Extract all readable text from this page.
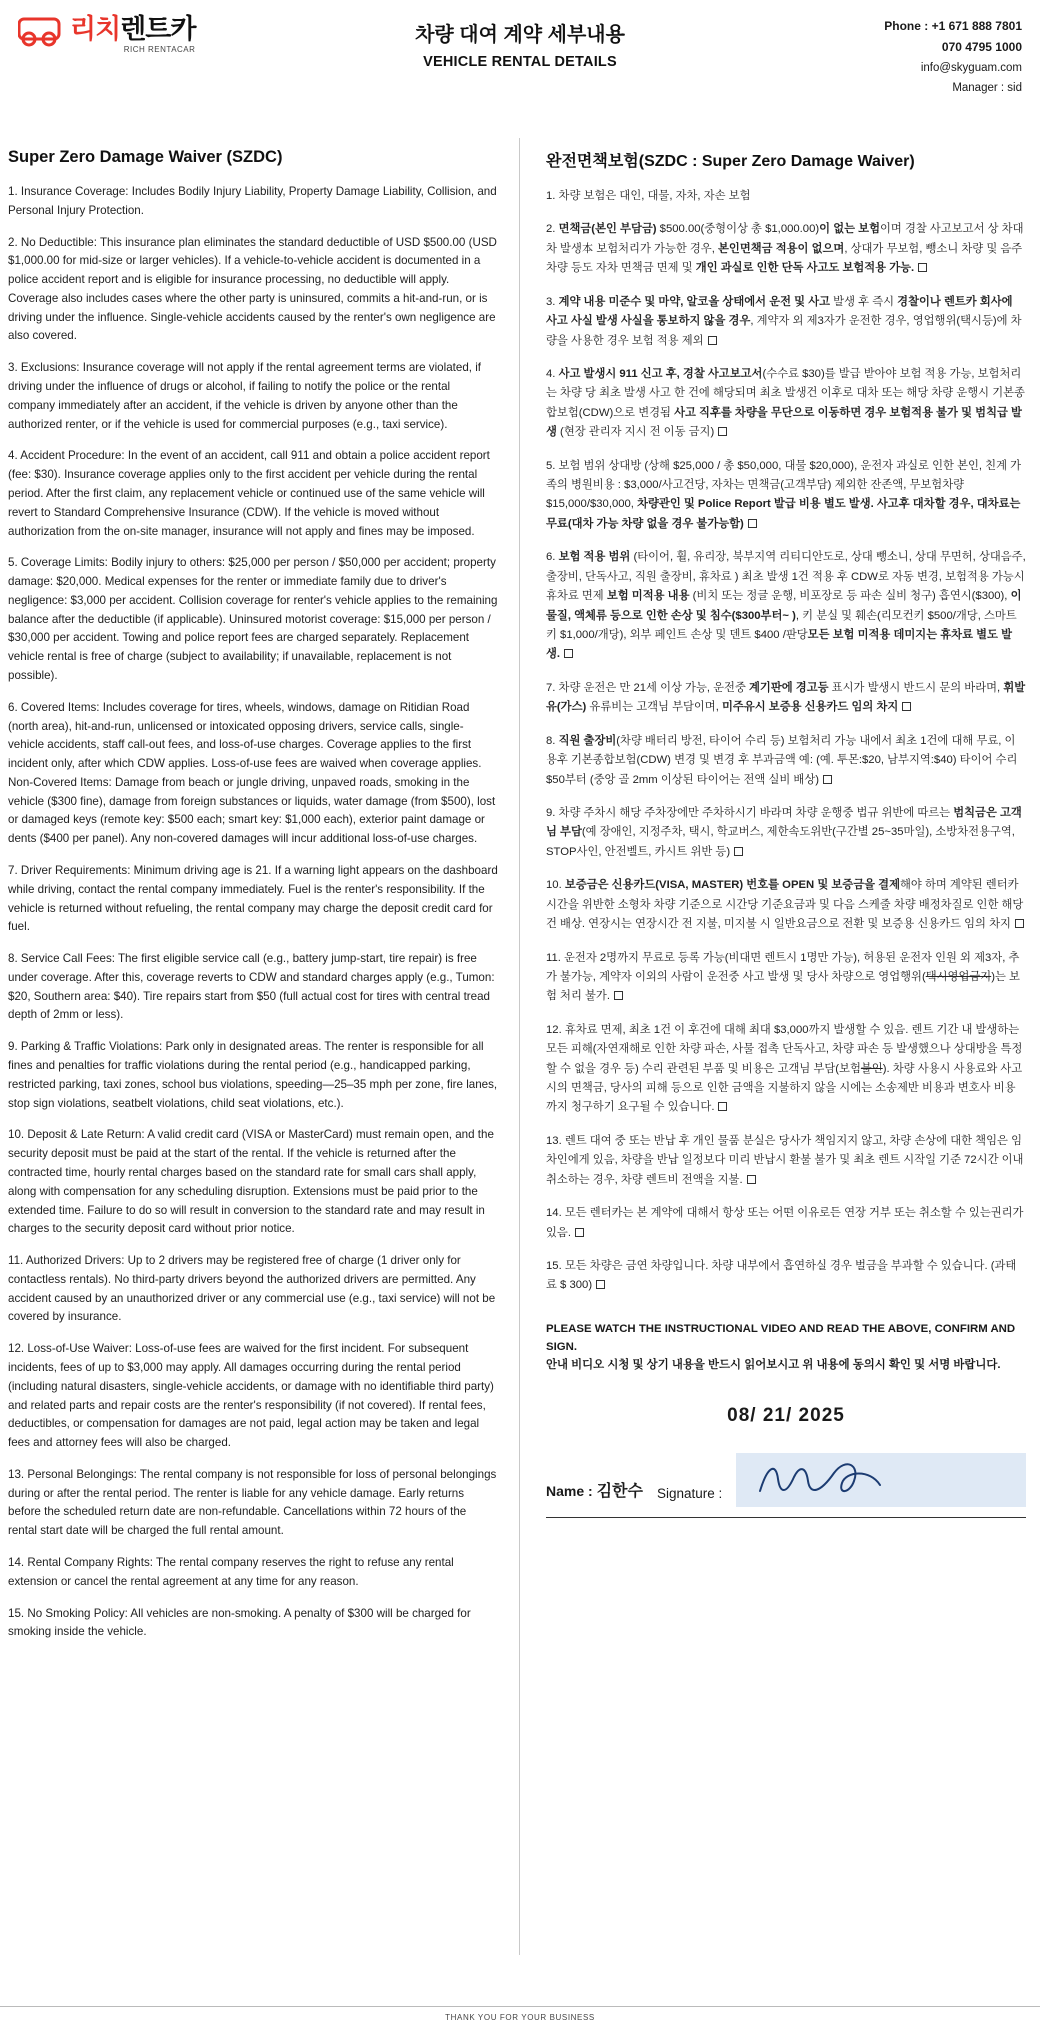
리치렌트카
RICH RENTACAR
차량 대여 계약 세부내용
VEHICLE RENTAL DETAILS
Phone : +1 671 888 7801
070 4795 1000
info@skyguam.com
Manager : sid
Super Zero Damage Waiver (SZDC)

1. Insurance Coverage: Includes Bodily Injury Liability, Property Damage Liability, Collision, and Personal Injury Protection.

2. No Deductible: This insurance plan eliminates the standard deductible of USD $500.00 (USD $1,000.00 for mid-size or larger vehicles). If a vehicle-to-vehicle accident is documented in a police accident report and is eligible for insurance processing, no deductible will apply. Coverage also includes cases where the other party is uninsured, commits a hit-and-run, or is driving under the influence. Single-vehicle accidents caused by the renter's own negligence are also covered.

3. Exclusions: Insurance coverage will not apply if the rental agreement terms are violated, if driving under the influence of drugs or alcohol, if failing to notify the police or the rental company immediately after an accident, if the vehicle is driven by anyone other than the authorized renter, or if the vehicle is used for commercial purposes (e.g., taxi service).

4. Accident Procedure: In the event of an accident, call 911 and obtain a police accident report (fee: $30). Insurance coverage applies only to the first accident per vehicle during the rental period. After the first claim, any replacement vehicle or continued use of the same vehicle will revert to Standard Comprehensive Insurance (CDW). If the vehicle is moved without authorization from the on-site manager, insurance will not apply and fines may be imposed.

5. Coverage Limits: Bodily injury to others: $25,000 per person / $50,000 per accident; property damage: $20,000. Medical expenses for the renter or immediate family due to driver's negligence: $3,000 per accident. Collision coverage for renter's vehicle applies to the remaining balance after the deductible (if applicable). Uninsured motorist coverage: $15,000 per person / $30,000 per accident. Towing and police report fees are charged separately. Replacement vehicle rental is free of charge (subject to availability; if unavailable, replacement is not possible).

6. Covered Items: Includes coverage for tires, wheels, windows, damage on Ritidian Road (north area), hit-and-run, unlicensed or intoxicated opposing drivers, service calls, single-vehicle accidents, staff call-out fees, and loss-of-use charges. Coverage applies to the first incident only, after which CDW applies. Loss-of-use fees are waived when coverage applies. Non-Covered Items: Damage from beach or jungle driving, unpaved roads, smoking in the vehicle ($300 fine), damage from foreign substances or liquids, water damage (from $500), lost or damaged keys (remote key: $500 each; smart key: $1,000 each), exterior paint damage or dents ($400 per panel). Any non-covered damages will incur additional loss-of-use charges.

7. Driver Requirements: Minimum driving age is 21. If a warning light appears on the dashboard while driving, contact the rental company immediately. Fuel is the renter's responsibility. If the vehicle is returned without refueling, the rental company may charge the deposit credit card for fuel.

8. Service Call Fees: The first eligible service call (e.g., battery jump-start, tire repair) is free under coverage. After this, coverage reverts to CDW and standard charges apply (e.g., Tumon: $20, Southern area: $40). Tire repairs start from $50 (full actual cost for tires with central tread depth of 2mm or less).

9. Parking & Traffic Violations: Park only in designated areas. The renter is responsible for all fines and penalties for traffic violations during the rental period (e.g., handicapped parking, restricted parking, taxi zones, school bus violations, speeding—25–35 mph per zone, fire lanes, stop sign violations, seatbelt violations, child seat violations, etc.).

10. Deposit & Late Return: A valid credit card (VISA or MasterCard) must remain open, and the security deposit must be paid at the start of the rental. If the vehicle is returned after the contracted time, hourly rental charges based on the standard rate for small cars shall apply, along with compensation for any scheduling disruption. Extensions must be paid prior to the extended time. Failure to do so will result in conversion to the standard rate and may result in charges to the security deposit card without prior notice.

11. Authorized Drivers: Up to 2 drivers may be registered free of charge (1 driver only for contactless rentals). No third-party drivers beyond the authorized drivers are permitted. Any accident caused by an unauthorized driver or any commercial use (e.g., taxi service) will not be covered by insurance.

12. Loss-of-Use Waiver: Loss-of-use fees are waived for the first incident. For subsequent incidents, fees of up to $3,000 may apply. All damages occurring during the rental period (including natural disasters, single-vehicle accidents, or damage with no identifiable third party) and related parts and repair costs are the renter's responsibility (if not covered). If rental fees, deductibles, or compensation for damages are not paid, legal action may be taken and legal fees and attorney fees will also be charged.

13. Personal Belongings: The rental company is not responsible for loss of personal belongings during or after the rental period. The renter is liable for any vehicle damage. Early returns before the scheduled return date are non-refundable. Cancellations within 72 hours of the rental start date will be charged the full rental amount.

14. Rental Company Rights: The rental company reserves the right to refuse any rental extension or cancel the rental agreement at any time for any reason.

15. No Smoking Policy: All vehicles are non-smoking. A penalty of $300 will be charged for smoking inside the vehicle.

완전면책보험(SZDC : Super Zero Damage Waiver)

1. 차량 보험은 대인, 대물, 자차, 자손 보험

2. 면책금(본인 부담금) $500.00(중형이상 총 $1,000.00)이 없는 보험이며 경찰 사고보고서 상 차대차 발생本 보험처리가 가능한 경우, 본인면책금 적용이 없으며, 상대가 무보험, 뺑소니 차량 및 음주차량 등도 자차 면책금 면제 및 개인 과실로 인한 단독 사고도 보험적용 가능.

3. 계약 내용 미준수 및 마약, 알코올 상태에서 운전 및 사고 발생 후 즉시 경찰이나 렌트카 회사에 사고 사실 발생 사실을 통보하지 않을 경우, 계약자 외 제3자가 운전한 경우, 영업행위(택시등)에 차량을 사용한 경우 보험 적용 제외

4. 사고 발생시 911 신고 후, 경찰 사고보고서(수수료 $30)를 발급 받아야 보험 적용 가능, 보험처리는 차량 당 최초 발생 사고 한 건에 해당되며 최초 발생건 이후로 대차 또는 해당 차량 운행시 기본종합보험(CDW)으로 변경됨 사고 직후를 차량을 무단으로 이동하면 경우 보험적용 불가 및 범칙급 발생 (현장 관리자 지시 전 이동 금지)

5. 보험 범위 상대방 (상해 $25,000 / 총 $50,000, 대물 $20,000), 운전자 과실로 인한 본인, 친계 가족의 병원비용 : $3,000/사고건당, 자차는 면책금(고객부담) 제외한 잔존액, 무보험차량 $15,000/$30,000, 차량관인 및 Police Report 발급 비용 별도 발생. 사고후 대차할 경우, 대차료는 무료(대차 가능 차량 없을 경우 불가능함)

6. 보험 적용 범위 (타이어, 휠, 유리장, 북부지역 리티디안도로, 상대 뺑소니, 상대 무면허, 상대음주, 출장비, 단독사고, 직원 출장비, 휴차료 ) 최초 발생 1건 적용 후 CDW로 자동 변경, 보험적용 가능시 휴차료 면제 보험 미적용 내용 (비치 또는 정글 운행, 비포장로 등 파손 실비 청구) 흡연시($300), 이물질, 액체류 등으로 인한 손상 및 침수($300부터~ ), 키 분실 및 훼손(리모컨키 $500/개당, 스마트키 $1,000/개당), 외부 페인트 손상 및 덴트 $400 /판당모든 보험 미적용 데미지는 휴차료 별도 발생.

7. 차량 운전은 만 21세 이상 가능, 운전중 계기판에 경고등 표시가 발생시 반드시 문의 바라며, 휘발유(가스) 유류비는 고객님 부담이며, 미주유시 보증용 신용카드 임의 차지

8. 직원 출장비(차량 배터리 방전, 타이어 수리 등) 보험처리 가능 내에서 최초 1건에 대해 무료, 이용후 기본종합보험(CDW) 변경 및 변경 후 부과금액 예: (예. 투몬:$20, 남부지역:$40) 타이어 수리 $50부터 (중앙 골 2mm 이상된 타이어는 전액 실비 배상)

9. 차량 주차시 해당 주차장에만 주차하시기 바라며 차량 운행중 법규 위반에 따르는 범칙금은 고객님 부담(예 장애인, 지정주차, 택시, 학교버스, 제한속도위반(구간별 25~35마일), 소방차전용구역, STOP사인, 안전벨트, 카시트 위반 등)

10. 보증금은 신용카드(VISA, MASTER) 번호를 OPEN 및 보증금을 결제해야 하며 계약된 렌터카 시간을 위반한 소형차 차량 기준으로 시간당 기준요금과 및 다음 스케줄 차량 배정차질로 인한 해당건 배상. 연장시는 연장시간 전 지불, 미지불 시 일반요금으로 전환 및 보증용 신용카드 임의 차지

11. 운전자 2명까지 무료로 등록 가능(비대면 렌트시 1명만 가능), 허용된 운전자 인원 외 제3자, 추가 불가능, 계약자 이외의 사람이 운전중 사고 발생 및 당사 차량으로 영업행위(택시영업금지)는 보험 처리 불가.

12. 휴차료 면제, 최초 1건 이 후건에 대해 최대 $3,000까지 발생할 수 있음. 렌트 기간 내 발생하는 모든 피해(자연재해로 인한 차량 파손, 사물 접촉 단독사고, 차량 파손 등 발생했으나 상대방을 특정할 수 없을 경우 등) 수리 관련된 부품 및 비용은 고객님 부담(보험불인). 차량 사용시 사용료와 사고시의 면책금, 당사의 피해 등으로 인한 금액을 지불하지 않을 시에는 소송제반 비용과 변호사 비용까지 청구하기 요구될 수 있습니다.

13. 렌트 대여 중 또는 반납 후 개인 물품 분실은 당사가 책임지지 않고, 차량 손상에 대한 책임은 임차인에게 있음, 차량을 반납 일정보다 미리 반납시 환불 불가 및 최초 렌트 시작일 기준 72시간 이내 취소하는 경우, 차량 렌트비 전액을 지불.

14. 모든 렌터카는 본 계약에 대해서 항상 또는 어떤 이유로든 연장 거부 또는 취소할 수 있는권리가 있음.

15. 모든 차량은 금연 차량입니다. 차량 내부에서 흡연하실 경우 벌금을 부과할 수 있습니다. (과태료 $ 300)

PLEASE WATCH THE INSTRUCTIONAL VIDEO AND READ THE ABOVE, CONFIRM AND SIGN.

안내 비디오 시청 및 상기 내용을 반드시 읽어보시고 위 내용에 동의시 확인 및 서명 바랍니다.

08/ 21/ 2025
Name : 김한수 Signature :
THANK YOU FOR YOUR BUSINESS
